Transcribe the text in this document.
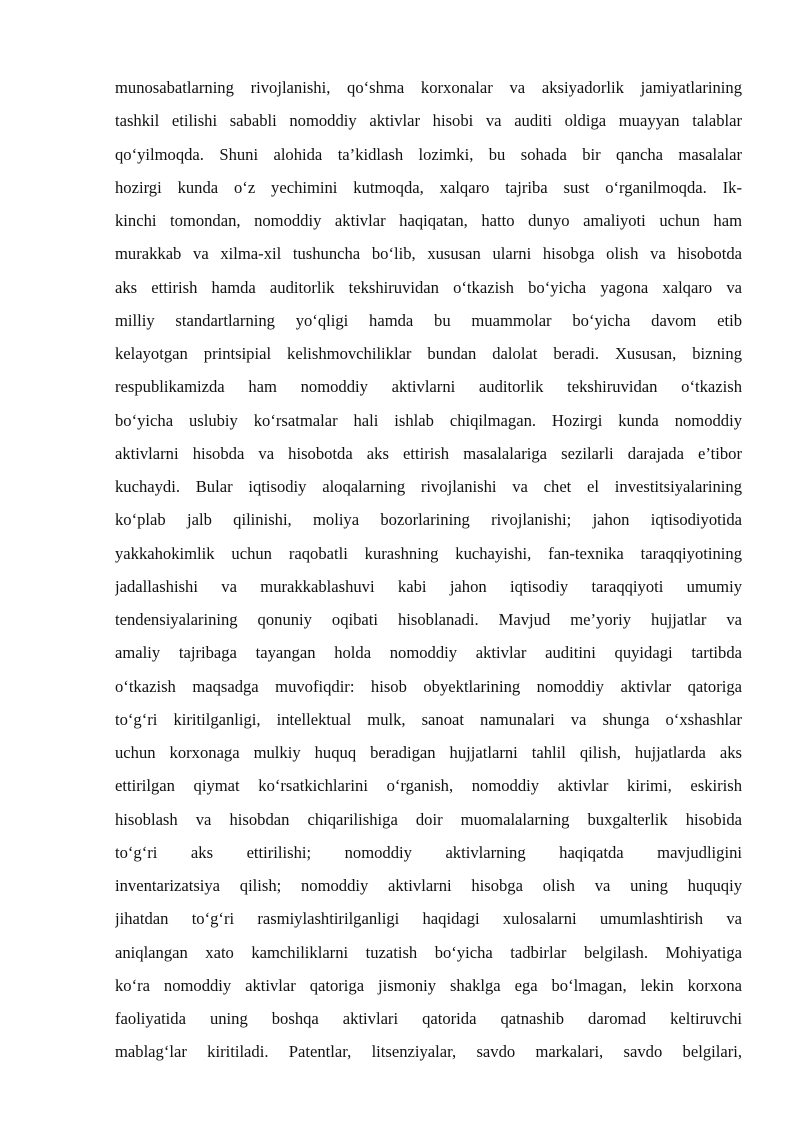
munosabatlarning rivojlanishi, qo‘shma korxonalar va aksiyadorlik jamiyatlarining
tashkil etilishi sababli nomoddiy aktivlar hisobi va auditi oldiga muayyan talablar
qo‘yilmoqda. Shuni alohida ta’kidlash lozimki, bu sohada bir qancha masalalar
hozirgi kunda o‘z yechimini kutmoqda, xalqaro tajriba sust o‘rganilmoqda. Ik-
kinchi tomondan, nomoddiy aktivlar haqiqatan, hatto dunyo amaliyoti uchun ham
murakkab va xilma-xil tushuncha bo‘lib, xususan ularni hisobga olish va hisobotda
aks ettirish hamda auditorlik tekshiruvidan o‘tkazish bo‘yicha yagona xalqaro va
milliy standartlarning yo‘qligi hamda bu muammolar bo‘yicha davom etib
kelayotgan printsipial kelishmovchiliklar bundan dalolat beradi. Xususan, bizning
respublikamizda ham nomoddiy aktivlarni auditorlik tekshiruvidan o‘tkazish
bo‘yicha uslubiy ko‘rsatmalar hali ishlab chiqilmagan. Hozirgi kunda nomoddiy
aktivlarni hisobda va hisobotda aks ettirish masalalariga sezilarli darajada e’tibor
kuchaydi. Bular iqtisodiy aloqalarning rivojlanishi va chet el investitsiyalarining
ko‘plab jalb qilinishi, moliya bozorlarining rivojlanishi; jahon iqtisodiyotida
yakkahokimlik uchun raqobatli kurashning kuchayishi, fan-texnika taraqqiyotining
jadallashishi va murakkablashuvi kabi jahon iqtisodiy taraqqiyoti umumiy
tendensiyalarining qonuniy oqibati hisoblanadi. Mavjud me’yoriy hujjatlar va
amaliy tajribaga tayangan holda nomoddiy aktivlar auditini quyidagi tartibda
o‘tkazish maqsadga muvofiqdir: hisob obyektlarining nomoddiy aktivlar qatoriga
to‘g‘ri kiritilganligi, intellektual mulk, sanoat namunalari va shunga o‘xshashlar
uchun korxonaga mulkiy huquq beradigan hujjatlarni tahlil qilish, hujjatlarda aks
ettirilgan qiymat ko‘rsatkichlarini o‘rganish, nomoddiy aktivlar kirimi, eskirish
hisoblash va hisobdan chiqarilishiga doir muomalalarning buxgalterlik hisobida
to‘g‘ri aks ettirilishi; nomoddiy aktivlarning haqiqatda mavjudligini
inventarizatsiya qilish; nomoddiy aktivlarni hisobga olish va uning huquqiy
jihatdan to‘g‘ri rasmiylashtirilganligi haqidagi xulosalarni umumlashtirish va
aniqlangan xato kamchiliklarni tuzatish bo‘yicha tadbirlar belgilash. Mohiyatiga
ko‘ra nomoddiy aktivlar qatoriga jismoniy shaklga ega bo‘lmagan, lekin korxona
faoliyatida uning boshqa aktivlari qatorida qatnashib daromad keltiruvchi
mablag‘lar kiritiladi. Patentlar, litsenziyalar, savdo markalari, savdo belgilari,
